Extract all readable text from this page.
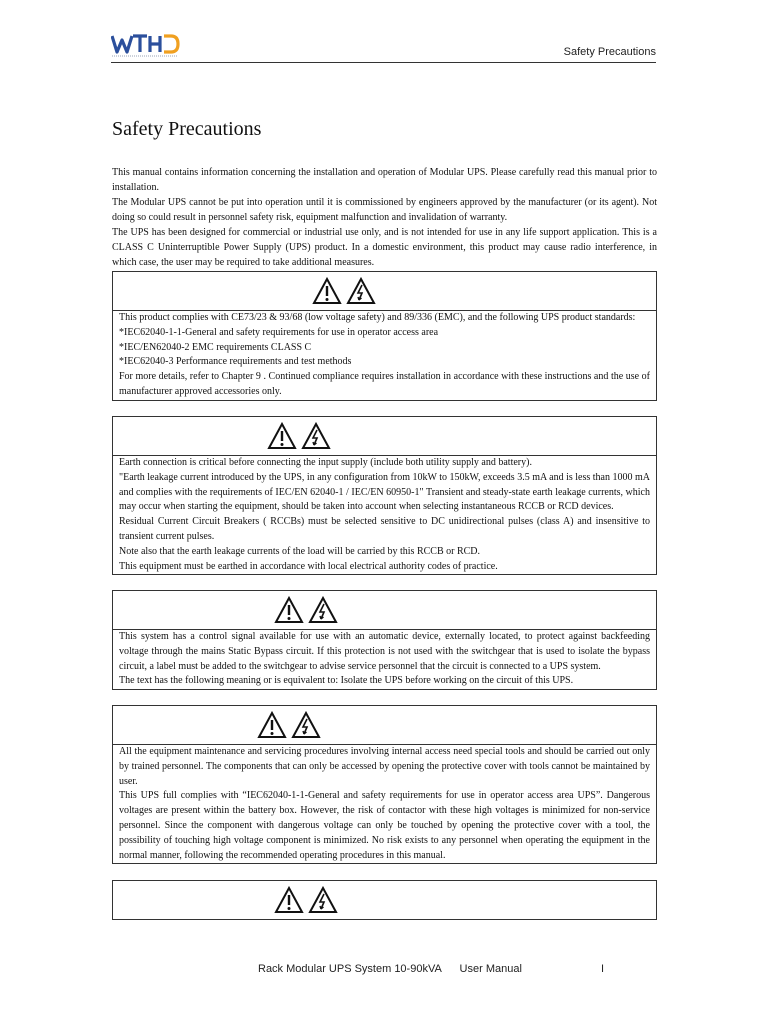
Safety Precautions
Safety Precautions

This manual contains information concerning the installation and operation of Modular UPS. Please carefully read this manual prior to installation.

The Modular UPS cannot be put into operation until it is commissioned by engineers approved by the manufacturer (or its agent). Not doing so could result in personnel safety risk, equipment malfunction and invalidation of warranty.

The UPS has been designed for commercial or industrial use only, and is not intended for use in any life support application. This is a CLASS C Uninterruptible Power Supply (UPS) product. In a domestic environment, this product may cause radio interference, in which case, the user may be required to take additional measures.

This product complies with CE73/23 & 93/68 (low voltage safety) and 89/336 (EMC), and the following UPS product standards:

*IEC62040-1-1-General and safety requirements for use in operator access area

*IEC/EN62040-2 EMC requirements CLASS C

*IEC62040-3 Performance requirements and test methods

For more details, refer to Chapter 9 . Continued compliance requires installation in accordance with these instructions and the use of manufacturer approved accessories only.

Earth connection is critical before connecting the input supply (include both utility supply and battery).

"Earth leakage current introduced by the UPS, in any configuration from 10kW to 150kW, exceeds 3.5 mA and is less than 1000 mA and complies with the requirements of IEC/EN 62040-1 / IEC/EN 60950-1" Transient and steady-state earth leakage currents, which may occur when starting the equipment, should be taken into account when selecting instantaneous RCCB or RCD devices.

Residual Current Circuit Breakers ( RCCBs) must be selected sensitive to DC unidirectional pulses (class A) and insensitive to transient current pulses.

Note also that the earth leakage currents of the load will be carried by this RCCB or RCD.

This equipment must be earthed in accordance with local electrical authority codes of practice.

This system has a control signal available for use with an automatic device, externally located, to protect against backfeeding voltage through the mains Static Bypass circuit. If this protection is not used with the switchgear that is used to isolate the bypass circuit, a label must be added to the switchgear to advise service personnel that the circuit is connected to a UPS system.

The text has the following meaning or is equivalent to: Isolate the UPS before working on the circuit of this UPS.

All the equipment maintenance and servicing procedures involving internal access need special tools and should be carried out only by trained personnel. The components that can only be accessed by opening the protective cover with tools cannot be maintained by user.

This UPS full complies with “IEC62040-1-1-General and safety requirements for use in operator access area UPS”. Dangerous voltages are present within the battery box. However, the risk of contactor with these high voltages is minimized for non-service personnel. Since the component with dangerous voltage can only be touched by opening the protective cover with a tool, the possibility of touching high voltage component is minimized. No risk exists to any personnel when operating the equipment in the normal manner, following the recommended operating procedures in this manual.

Rack Modular UPS System 10-90kVA      User Manual	I
